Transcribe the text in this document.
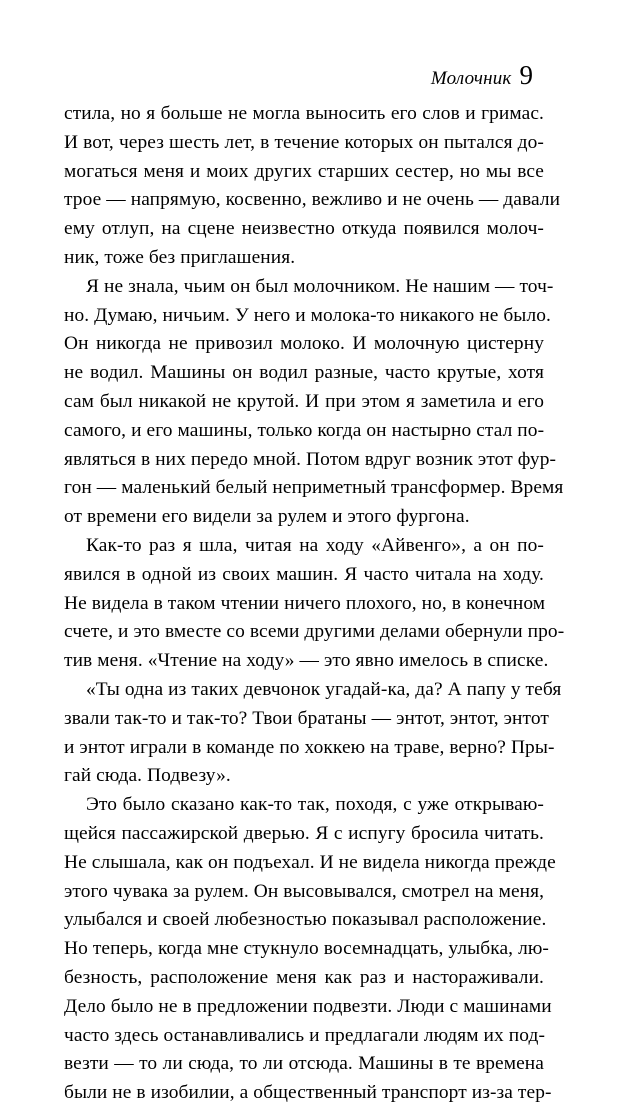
Молочник 9
стила, но я больше не могла выносить его слов и гримас.
И вот, через шесть лет, в течение которых он пытался до-
могаться меня и моих других старших сестер, но мы все
трое — напрямую, косвенно, вежливо и не очень — давали
ему отлуп, на сцене неизвестно откуда появился молоч-
ник, тоже без приглашения.
Я не знала, чьим он был молочником. Не нашим — точ-
но. Думаю, ничьим. У него и молока-то никакого не было.
Он никогда не привозил молоко. И молочную цистерну
не водил. Машины он водил разные, часто крутые, хотя
сам был никакой не крутой. И при этом я заметила и его
самого, и его машины, только когда он настырно стал по-
являться в них передо мной. Потом вдруг возник этот фур-
гон — маленький белый неприметный трансформер. Время
от времени его видели за рулем и этого фургона.
Как-то раз я шла, читая на ходу «Айвенго», а он по-
явился в одной из своих машин. Я часто читала на ходу.
Не видела в таком чтении ничего плохого, но, в конечном
счете, и это вместе со всеми другими делами обернули про-
тив меня. «Чтение на ходу» — это явно имелось в списке.
«Ты одна из таких девчонок угадай-ка, да? А папу у тебя
звали так-то и так-то? Твои братаны — энтот, энтот, энтот
и энтот играли в команде по хоккею на траве, верно? Пры-
гай сюда. Подвезу».
Это было сказано как-то так, походя, с уже открываю-
щейся пассажирской дверью. Я с испугу бросила читать.
Не слышала, как он подъехал. И не видела никогда прежде
этого чувака за рулем. Он высовывался, смотрел на меня,
улыбался и своей любезностью показывал расположение.
Но теперь, когда мне стукнуло восемнадцать, улыбка, лю-
безность, расположение меня как раз и настораживали.
Дело было не в предложении подвезти. Люди с машинами
часто здесь останавливались и предлагали людям их под-
везти — то ли сюда, то ли отсюда. Машины в те времена
были не в изобилии, а общественный транспорт из-за тер-
